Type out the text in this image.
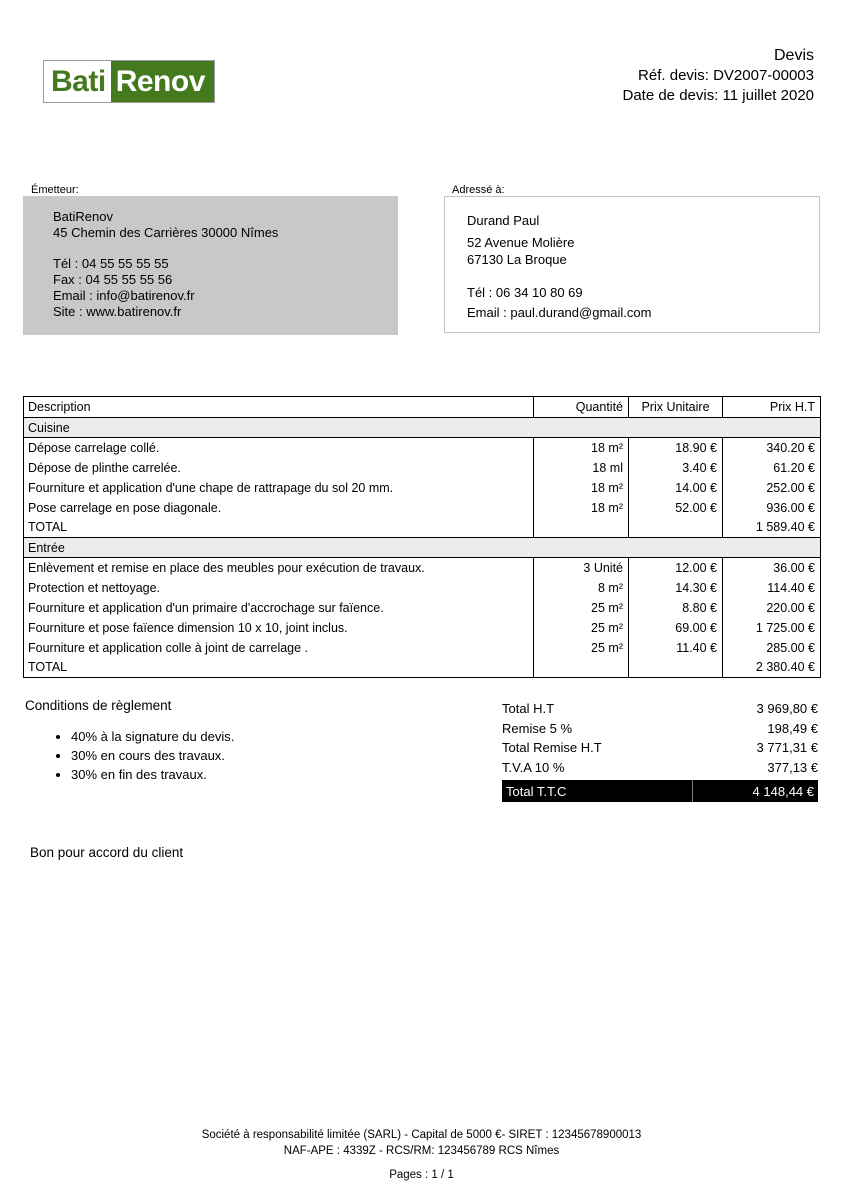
Bati Renov
Devis
Réf. devis: DV2007-00003
Date de devis: 11 juillet 2020
Émetteur:
BatiRenov
45 Chemin des Carrières 30000 Nîmes
Tél : 04 55 55 55 55
Fax : 04 55 55 55 56
Email : info@batirenov.fr
Site : www.batirenov.fr
Adressé à:
Durand Paul
52 Avenue Molière
67130 La Broque
Tél : 06 34 10 80 69
Email : paul.durand@gmail.com
Description	Quantité	Prix Unitaire	Prix H.T
Cuisine			
Dépose carrelage collé.	18 m²	18.90 €	340.20 €
Dépose de plinthe carrelée.	18 ml	3.40 €	61.20 €
Fourniture et application d'une chape de rattrapage du sol 20 mm.	18 m²	14.00 €	252.00 €
Pose carrelage en pose diagonale.	18 m²	52.00 €	936.00 €
TOTAL			1 589.40 €
Entrée			
Enlèvement et remise en place des meubles pour exécution de travaux.	3 Unité	12.00 €	36.00 €
Protection et nettoyage.	8 m²	14.30 €	114.40 €
Fourniture et application d'un primaire d'accrochage sur faïence.	25 m²	8.80 €	220.00 €
Fourniture et pose faïence dimension 10 x 10, joint inclus.	25 m²	69.00 €	1 725.00 €
Fourniture et application colle à joint de carrelage .	25 m²	11.40 €	285.00 €
TOTAL			2 380.40 €
Conditions de règlement
• 40% à la signature du devis.
• 30% en cours des travaux.
• 30% en fin des travaux.
Total H.T	3 969,80 €
Remise 5 %	198,49 €
Total Remise H.T	3 771,31 €
T.V.A 10 %	377,13 €
Total T.T.C	4 148,44 €
Bon pour accord du client
Société à responsabilité limitée (SARL) - Capital de 5000 €- SIRET : 12345678900013
NAF-APE : 4339Z - RCS/RM: 123456789 RCS Nîmes
Pages : 1 / 1
